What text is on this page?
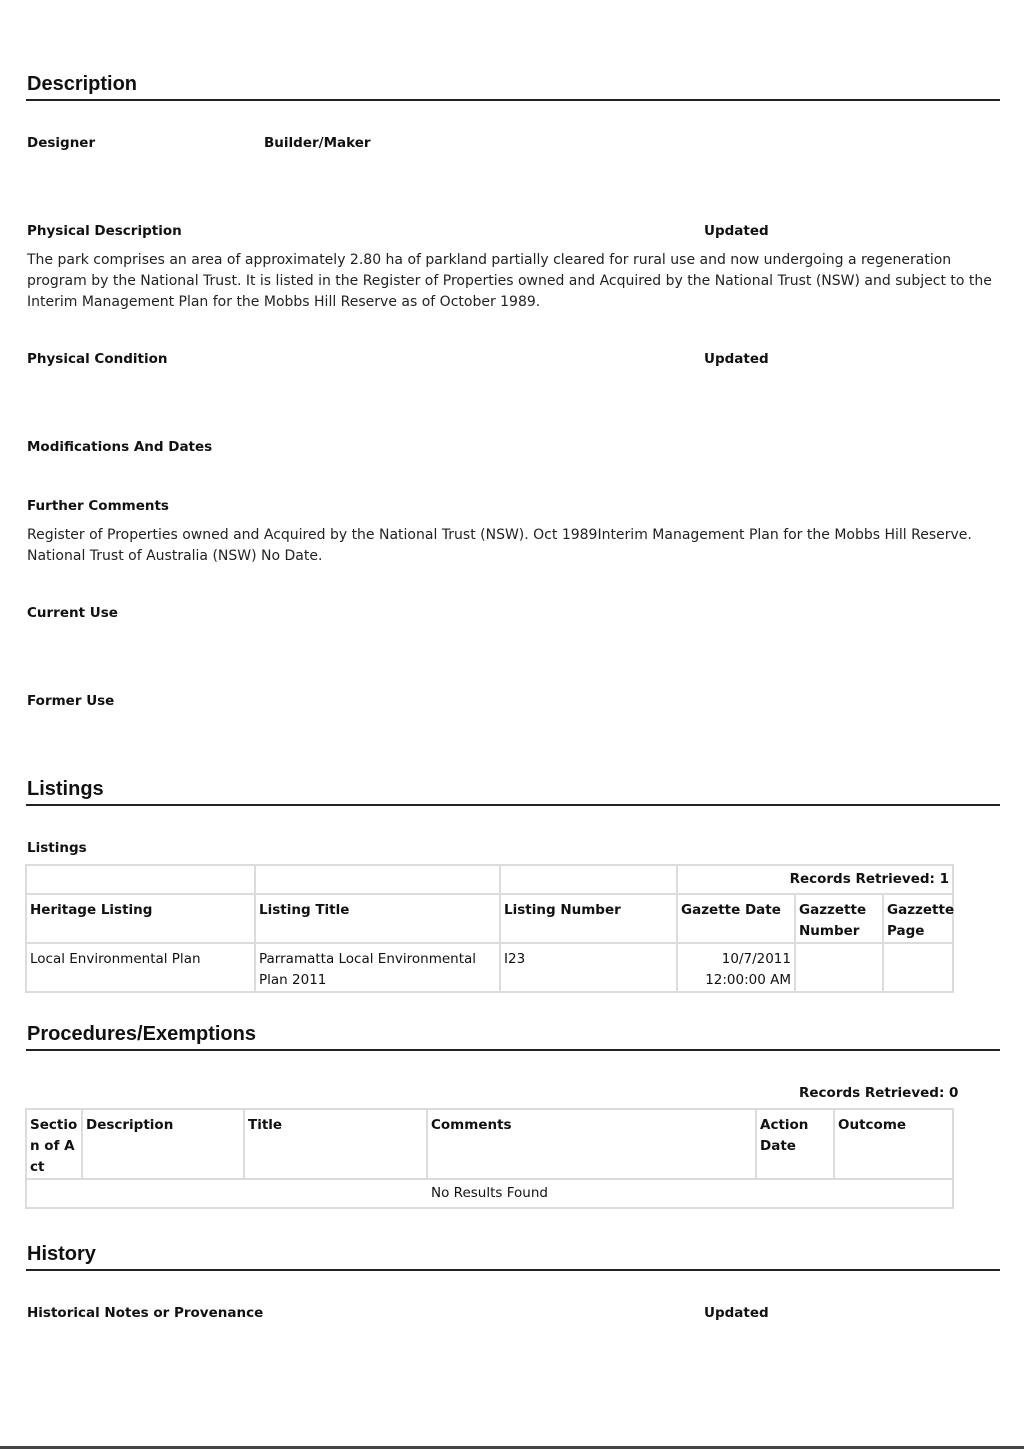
Description
Designer	Builder/Maker
Physical Description	Updated
The park comprises an area of approximately 2.80 ha of parkland partially cleared for rural use and now undergoing a regeneration program by the National Trust. It is listed in the Register of Properties owned and Acquired by the National Trust (NSW) and subject to the Interim Management Plan for the Mobbs Hill Reserve as of October 1989.
Physical Condition	Updated
Modifications And Dates
Further Comments
Register of Properties owned and Acquired by the National Trust (NSW). Oct 1989Interim Management Plan for the Mobbs Hill Reserve. National Trust of Australia (NSW) No Date.
Current Use
Former Use
Listings
Listings
			Records Retrieved: 1		
Heritage Listing	Listing Title	Listing Number	Gazette Date	Gazzette Number	Gazzette Page
Local Environmental Plan	Parramatta Local Environmental Plan 2011	I23	10/7/2011 12:00:00 AM		
Procedures/Exemptions
Records Retrieved: 0
Section of Act	Description	Title	Comments	Action Date	Outcome
No Results Found
History
Historical Notes or Provenance	Updated
